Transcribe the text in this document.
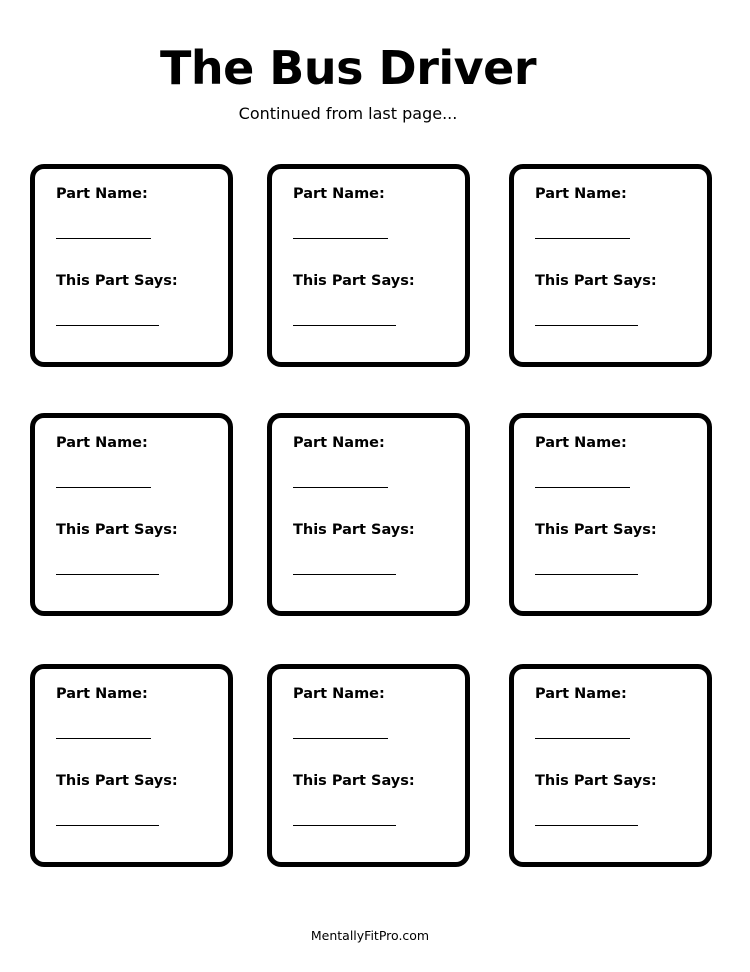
The Bus Driver

Continued from last page...

Part Name:
This Part Says:
Part Name:
This Part Says:
Part Name:
This Part Says:
Part Name:
This Part Says:
Part Name:
This Part Says:
Part Name:
This Part Says:
Part Name:
This Part Says:
Part Name:
This Part Says:
Part Name:
This Part Says:
MentallyFitPro.com
